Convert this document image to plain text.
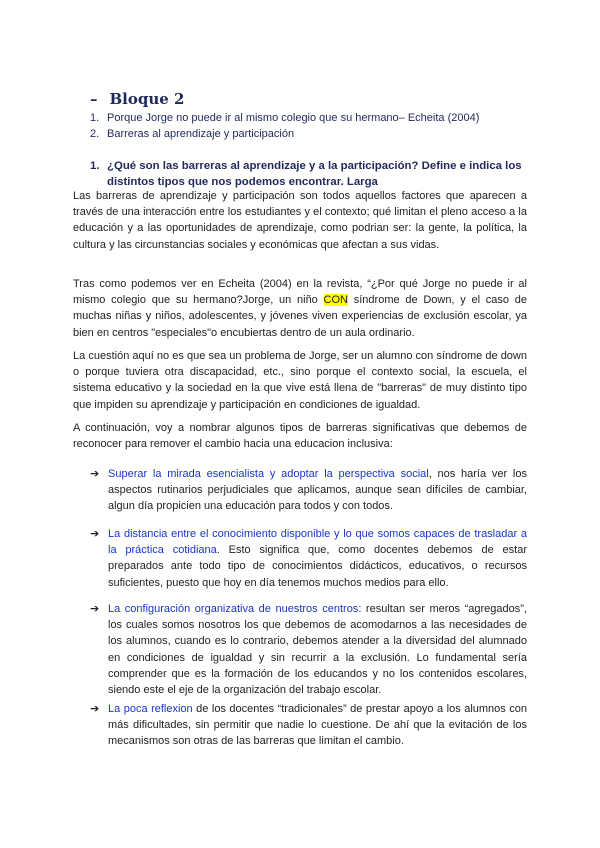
– Bloque 2
1. Porque Jorge no puede ir al mismo colegio que su hermano– Echeita (2004)
2. Barreras al aprendizaje y participación
1. ¿Qué son las barreras al aprendizaje y a la participación? Define e indica los distintos tipos que nos podemos encontrar. Larga

Las barreras de aprendizaje y participación son todos aquellos factores que aparecen a través de una interacción entre los estudiantes y el contexto; qué limitan el pleno acceso a la educación y a las oportunidades de aprendizaje, como podrian ser: la gente, la política, la cultura y las circunstancias sociales y económicas que afectan a sus vidas.

Tras como podemos ver en Echeita (2004) en la revista, “¿Por qué Jorge no puede ir al mismo colegio que su hermano?Jorge, un niño CON síndrome de Down, y el caso de muchas niñas y niños, adolescentes, y jóvenes viven experiencias de exclusión escolar, ya bien en centros "especiales"o encubiertas dentro de un aula ordinario.

La cuestión aquí no es que sea un problema de Jorge, ser un alumno con síndrome de down o porque tuviera otra discapacidad, etc., sino porque el contexto social, la escuela, el sistema educativo y la sociedad en la que vive está llena de "barreras" de muy distinto tipo que impiden su aprendizaje y participación en condiciones de igualdad.

A continuación, voy a nombrar algunos tipos de barreras significativas que debemos de reconocer para remover el cambio hacia una educacion inclusiva:

➔ Superar la mirada esencialista y adoptar la perspectiva social, nos haría ver los aspectos rutinarios perjudiciales que aplicamos, aunque sean difíciles de cambiar, algun día propicien una educación para todos y con todos.
➔ La distancia entre el conocimiento disponible y lo que somos capaces de trasladar a la práctica cotidiana. Esto significa que, como docentes debemos de estar preparados ante todo tipo de conocimientos didácticos, educativos, o recursos suficientes, puesto que hoy en día tenemos muchos medios para ello.
➔ La configuración organizativa de nuestros centros: resultan ser meros “agregados”, los cuales somos nosotros los que debemos de acomodarnos a las necesidades de los alumnos, cuando es lo contrario, debemos atender a la diversidad del alumnado en condiciones de igualdad y sin recurrir a la exclusión. Lo fundamental sería comprender que es la formación de los educandos y no los contenidos escolares, siendo este el eje de la organización del trabajo escolar.
➔ La poca reflexion de los docentes “tradicionales” de prestar apoyo a los alumnos con más dificultades, sin permitir que nadie lo cuestione. De ahí que la evitación de los mecanismos son otras de las barreras que limitan el cambio.
